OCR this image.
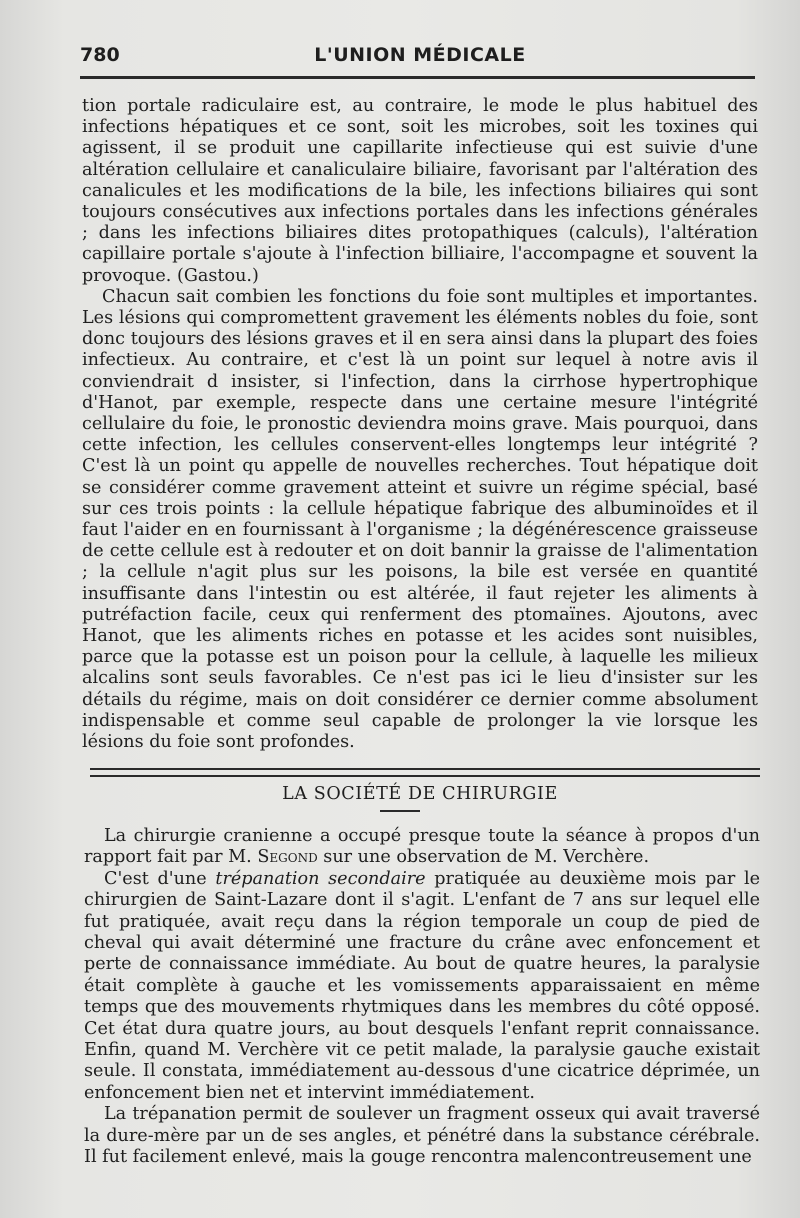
780	L'UNION MÉDICALE

tion portale radiculaire est, au contraire, le mode le plus habituel des infections hépatiques et ce sont, soit les microbes, soit les toxines qui agissent, il se produit une capillarite infectieuse qui est suivie d'une altération cellulaire et canaliculaire biliaire, favorisant par l'altération des canalicules et les modifications de la bile, les infections biliaires qui sont toujours consécutives aux infections portales dans les infections générales ; dans les infections biliaires dites protopathiques (calculs), l'altération capillaire portale s'ajoute à l'infection billiaire, l'accompagne et souvent la provoque. (Gastou.)

Chacun sait combien les fonctions du foie sont multiples et importantes. Les lésions qui compromettent gravement les éléments nobles du foie, sont donc toujours des lésions graves et il en sera ainsi dans la plupart des foies infectieux. Au contraire, et c'est là un point sur lequel à notre avis il conviendrait d insister, si l'infection, dans la cirrhose hypertrophique d'Hanot, par exemple, respecte dans une certaine mesure l'intégrité cellulaire du foie, le pronostic deviendra moins grave. Mais pourquoi, dans cette infection, les cellules conservent-elles longtemps leur intégrité ? C'est là un point qu appelle de nouvelles recherches. Tout hépatique doit se considérer comme gravement atteint et suivre un régime spécial, basé sur ces trois points : la cellule hépatique fabrique des albuminoïdes et il faut l'aider en en fournissant à l'organisme ; la dégénérescence graisseuse de cette cellule est à redouter et on doit bannir la graisse de l'alimentation ; la cellule n'agit plus sur les poisons, la bile est versée en quantité insuffisante dans l'intestin ou est altérée, il faut rejeter les aliments à putréfaction facile, ceux qui renferment des ptomaïnes. Ajoutons, avec Hanot, que les aliments riches en potasse et les acides sont nuisibles, parce que la potasse est un poison pour la cellule, à laquelle les milieux alcalins sont seuls favorables. Ce n'est pas ici le lieu d'insister sur les détails du régime, mais on doit considérer ce dernier comme absolument indispensable et comme seul capable de prolonger la vie lorsque les lésions du foie sont profondes.

LA SOCIÉTÉ DE CHIRURGIE

La chirurgie cranienne a occupé presque toute la séance à propos d'un rapport fait par M. Segond sur une observation de M. Verchère.

C'est d'une trépanation secondaire pratiquée au deuxième mois par le chirurgien de Saint-Lazare dont il s'agit. L'enfant de 7 ans sur lequel elle fut pratiquée, avait reçu dans la région temporale un coup de pied de cheval qui avait déterminé une fracture du crâne avec enfoncement et perte de connaissance immédiate. Au bout de quatre heures, la paralysie était complète à gauche et les vomissements apparaissaient en même temps que des mouvements rhytmiques dans les membres du côté opposé. Cet état dura quatre jours, au bout desquels l'enfant reprit connaissance. Enfin, quand M. Verchère vit ce petit malade, la paralysie gauche existait seule. Il constata, immédiatement au-dessous d'une cicatrice déprimée, un enfoncement bien net et intervint immédiatement.

La trépanation permit de soulever un fragment osseux qui avait traversé la dure-mère par un de ses angles, et pénétré dans la substance cérébrale. Il fut facilement enlevé, mais la gouge rencontra malencontreusement une
